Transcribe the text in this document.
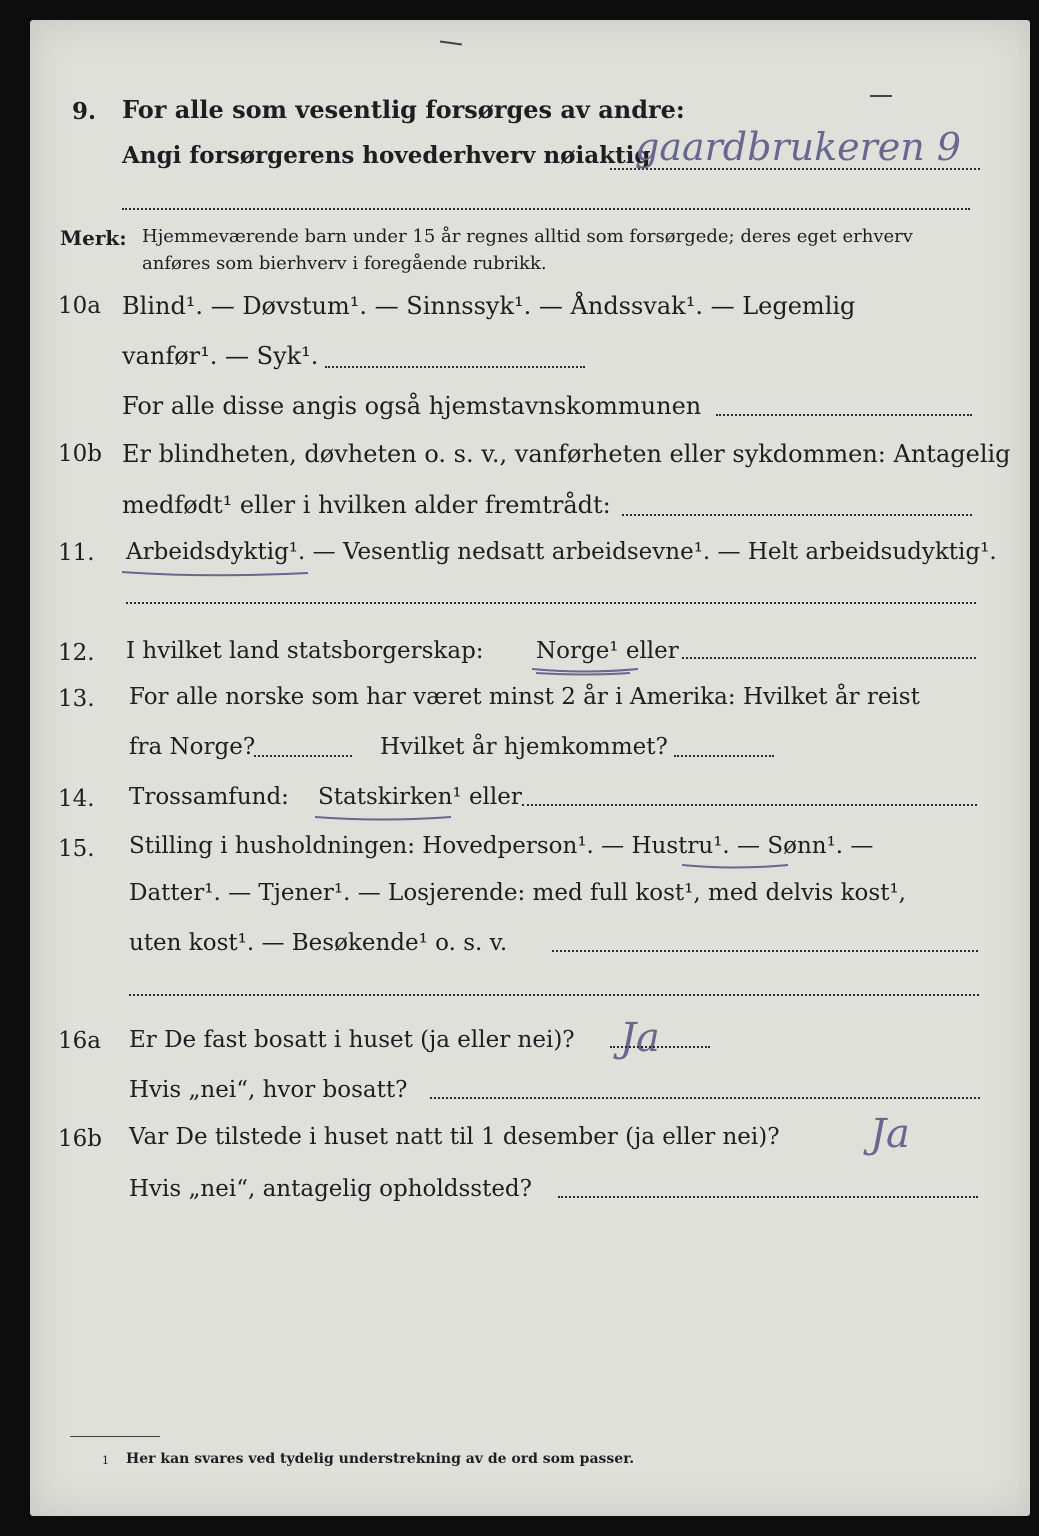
9. For alle som vesentlig forsørges av andre:
Angi forsørgerens hovederhverv nøiaktig
gaardbrukeren 9
Merk: Hjemmeværende barn under 15 år regnes alltid som forsørgede; deres eget erhverv
anføres som bierhverv i foregående rubrikk.
10a Blind¹. — Døvstum¹. — Sinnssyk¹. — Åndssvak¹. — Legemlig
vanfør¹. — Syk¹.
For alle disse angis også hjemstavnskommunen
10b Er blindheten, døvheten o. s. v., vanførheten eller sykdommen: Antagelig
medfødt¹ eller i hvilken alder fremtrådt:
11. Arbeidsdyktig¹. — Vesentlig nedsatt arbeidsevne¹. — Helt arbeidsudyktig¹.
12. I hvilket land statsborgerskap: Norge¹ eller
13. For alle norske som har været minst 2 år i Amerika: Hvilket år reist
fra Norge?	Hvilket år hjemkommet?
14. Trossamfund: Statskirken¹ eller
15. Stilling i husholdningen: Hovedperson¹. — Hustru¹. — Sønn¹. —
Datter¹. — Tjener¹. — Losjerende: med full kost¹, med delvis kost¹,
uten kost¹. — Besøkende¹ o. s. v.
16a Er De fast bosatt i huset (ja eller nei)? Ja
Hvis „nei“, hvor bosatt?
16b Var De tilstede i huset natt til 1 desember (ja eller nei)? Ja
Hvis „nei“, antagelig opholdssted?
1 Her kan svares ved tydelig understrekning av de ord som passer.
